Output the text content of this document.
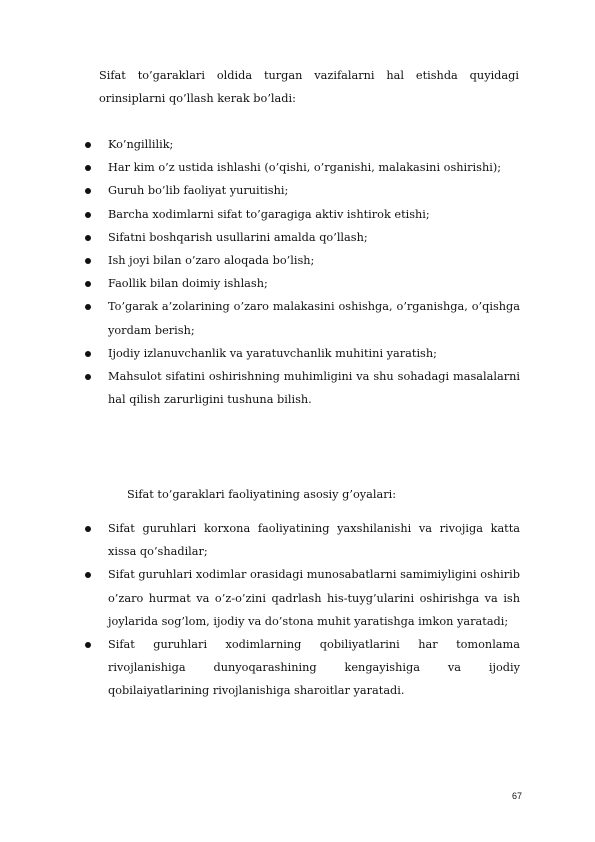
Sifat to’garaklari oldida turgan vazifalarni hal etishda quyidagi orinsiplarni qo’llash kerak bo’ladi:

Ko’ngillilik;
Har kim o’z ustida ishlashi (o’qishi, o’rganishi, malakasini oshirishi);
Guruh bo’lib faoliyat yuruitishi;
Barcha xodimlarni sifat to’garagiga aktiv ishtirok etishi;
Sifatni boshqarish usullarini amalda qo’llash;
Ish joyi bilan o’zaro aloqada bo’lish;
Faollik bilan doimiy ishlash;
To’garak a’zolarining o’zaro malakasini oshishga, o’rganishga, o’qishga yordam berish;
Ijodiy izlanuvchanlik va yaratuvchanlik muhitini yaratish;
Mahsulot sifatini oshirishning muhimligini va shu sohadagi masalalarni hal qilish zarurligini tushuna bilish.

Sifat to’garaklari faoliyatining asosiy g’oyalari:

Sifat guruhlari korxona faoliyatining yaxshilanishi va rivojiga katta xissa qo’shadilar;
Sifat guruhlari xodimlar orasidagi munosabatlarni samimiyligini oshirib o’zaro hurmat va o’z-o’zini qadrlash his-tuyg’ularini oshirishga va ish joylarida sog’lom, ijodiy va do’stona muhit yaratishga imkon yaratadi;
Sifat guruhlari xodimlarning qobiliyatlarini har tomonlama rivojlanishiga dunyoqarashining kengayishiga va ijodiy qobilaiyatlarining rivojlanishiga sharoitlar yaratadi.
67
